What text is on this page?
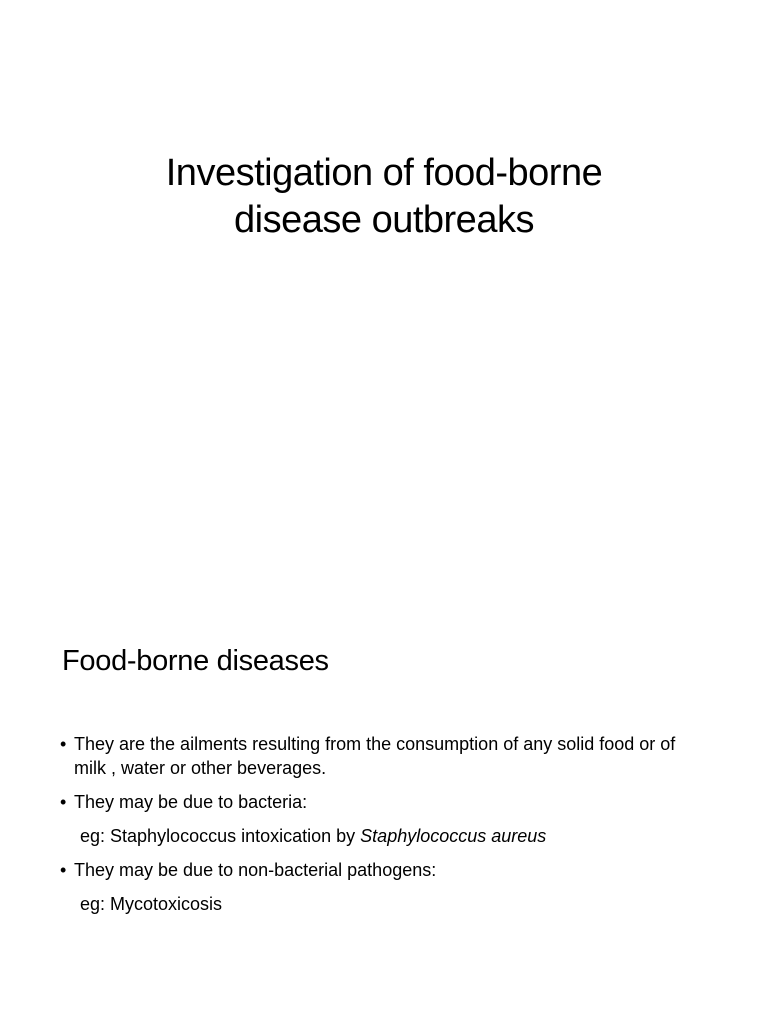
Investigation of food-borne
disease outbreaks
Food-borne diseases
• They are the ailments resulting from the consumption of any solid food or of milk , water or other beverages.
• They may be due to bacteria:
eg: Staphylococcus intoxication by Staphylococcus aureus
• They may be due to non-bacterial pathogens:
eg: Mycotoxicosis
